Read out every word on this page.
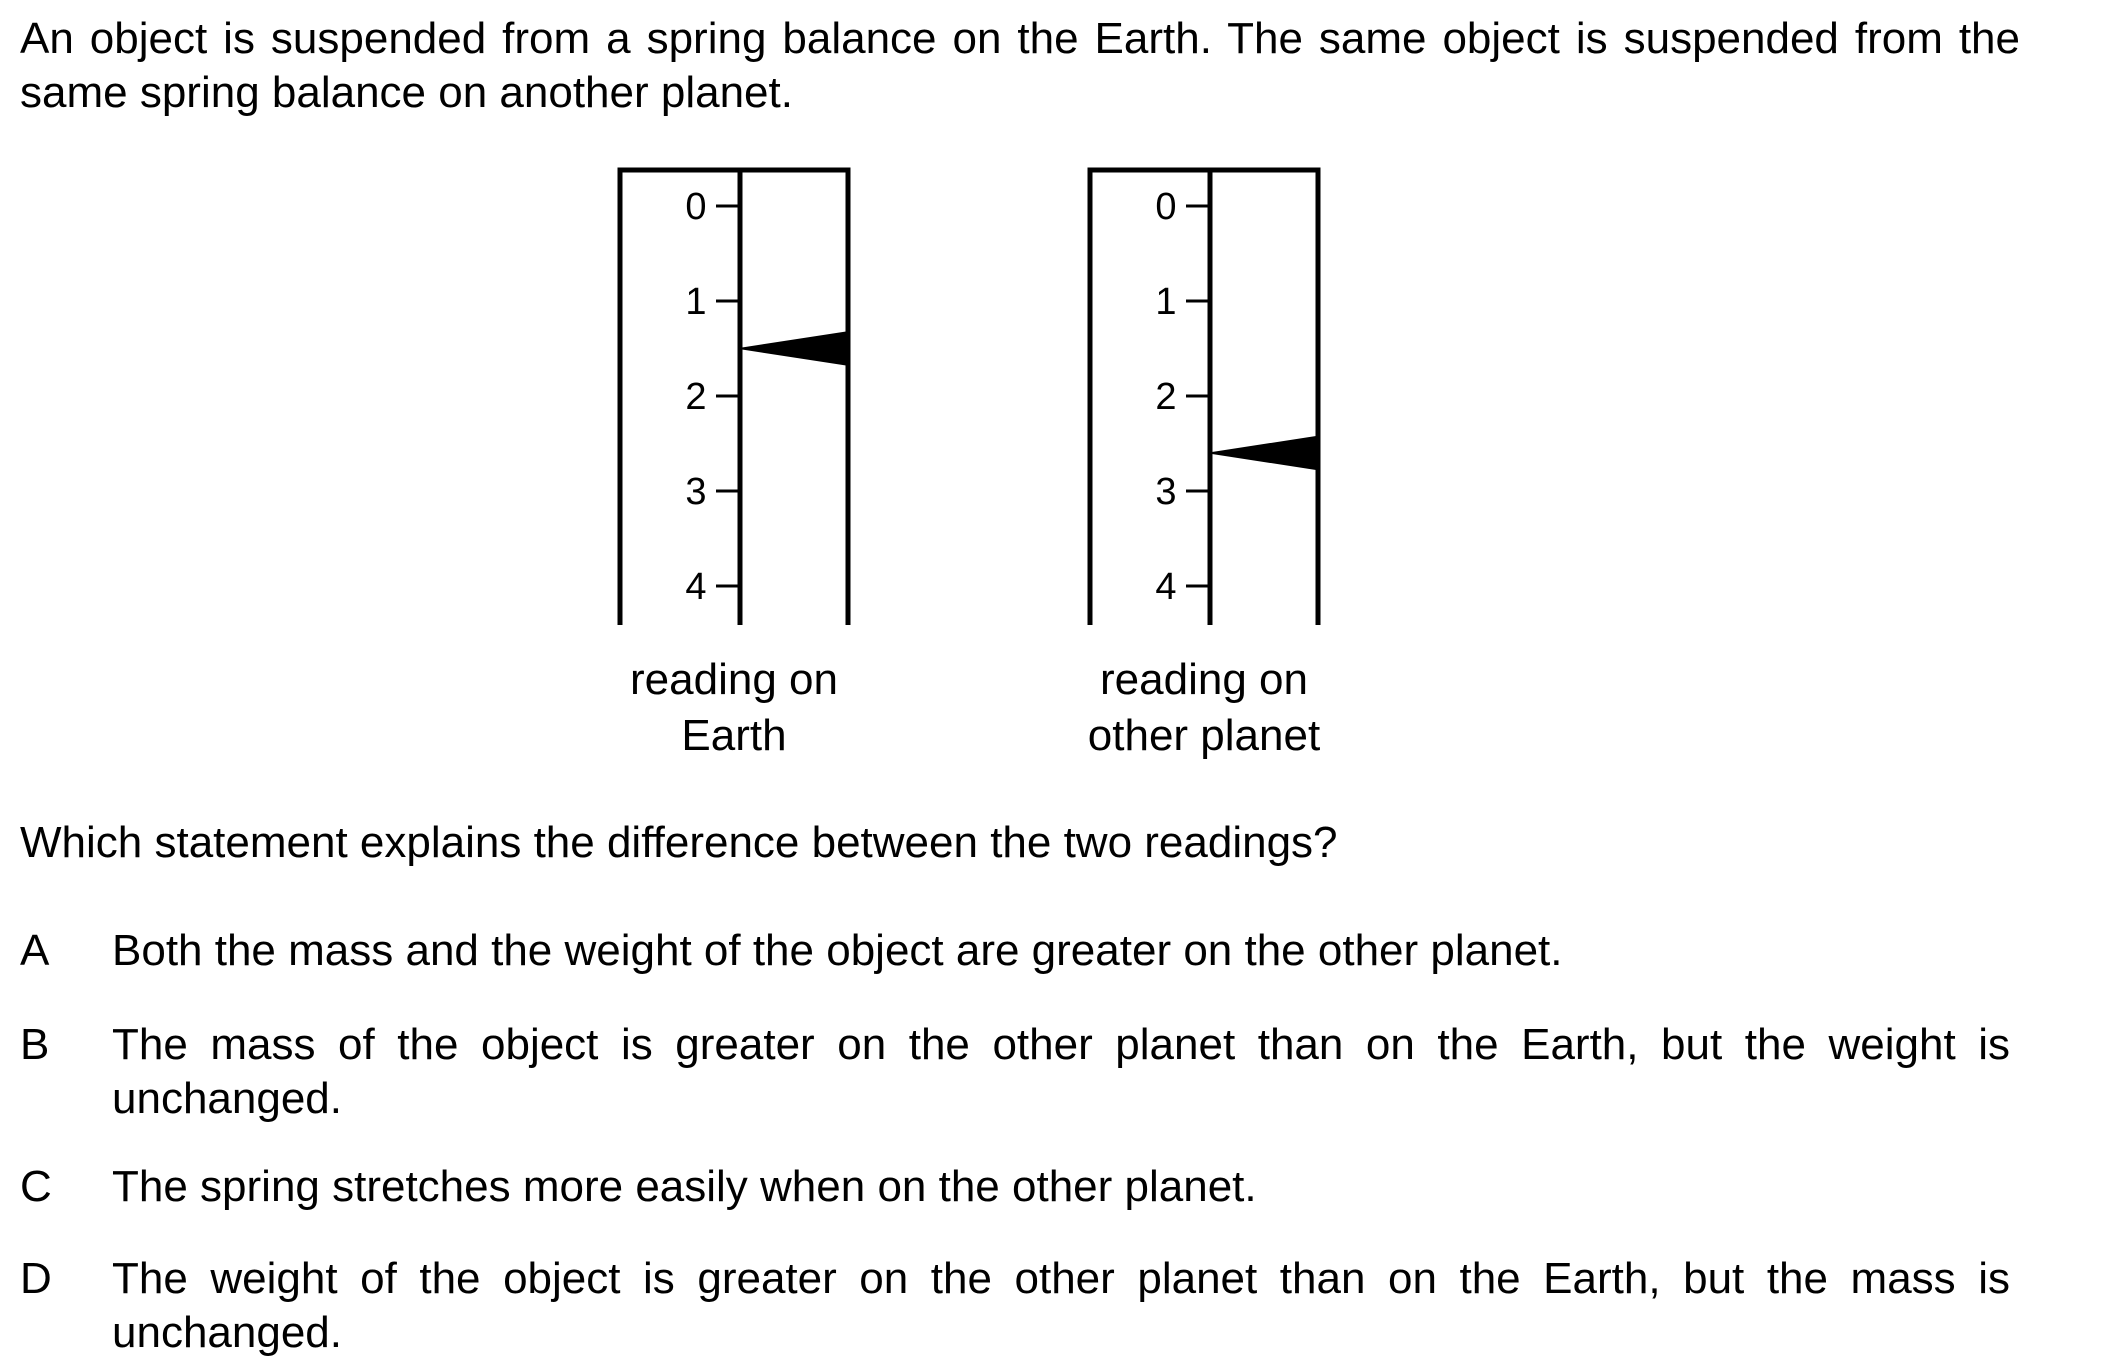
An object is suspended from a spring balance on the Earth. The same object is suspended from the same spring balance on another planet.

0
1
2
3
4
0
1
2
3
4

reading on
Earth

reading on
other planet

Which statement explains the difference between the two readings?

A	Both the mass and the weight of the object are greater on the other planet.
B	The mass of the object is greater on the other planet than on the Earth, but the weight is unchanged.
C	The spring stretches more easily when on the other planet.
D	The weight of the object is greater on the other planet than on the Earth, but the mass is unchanged.
